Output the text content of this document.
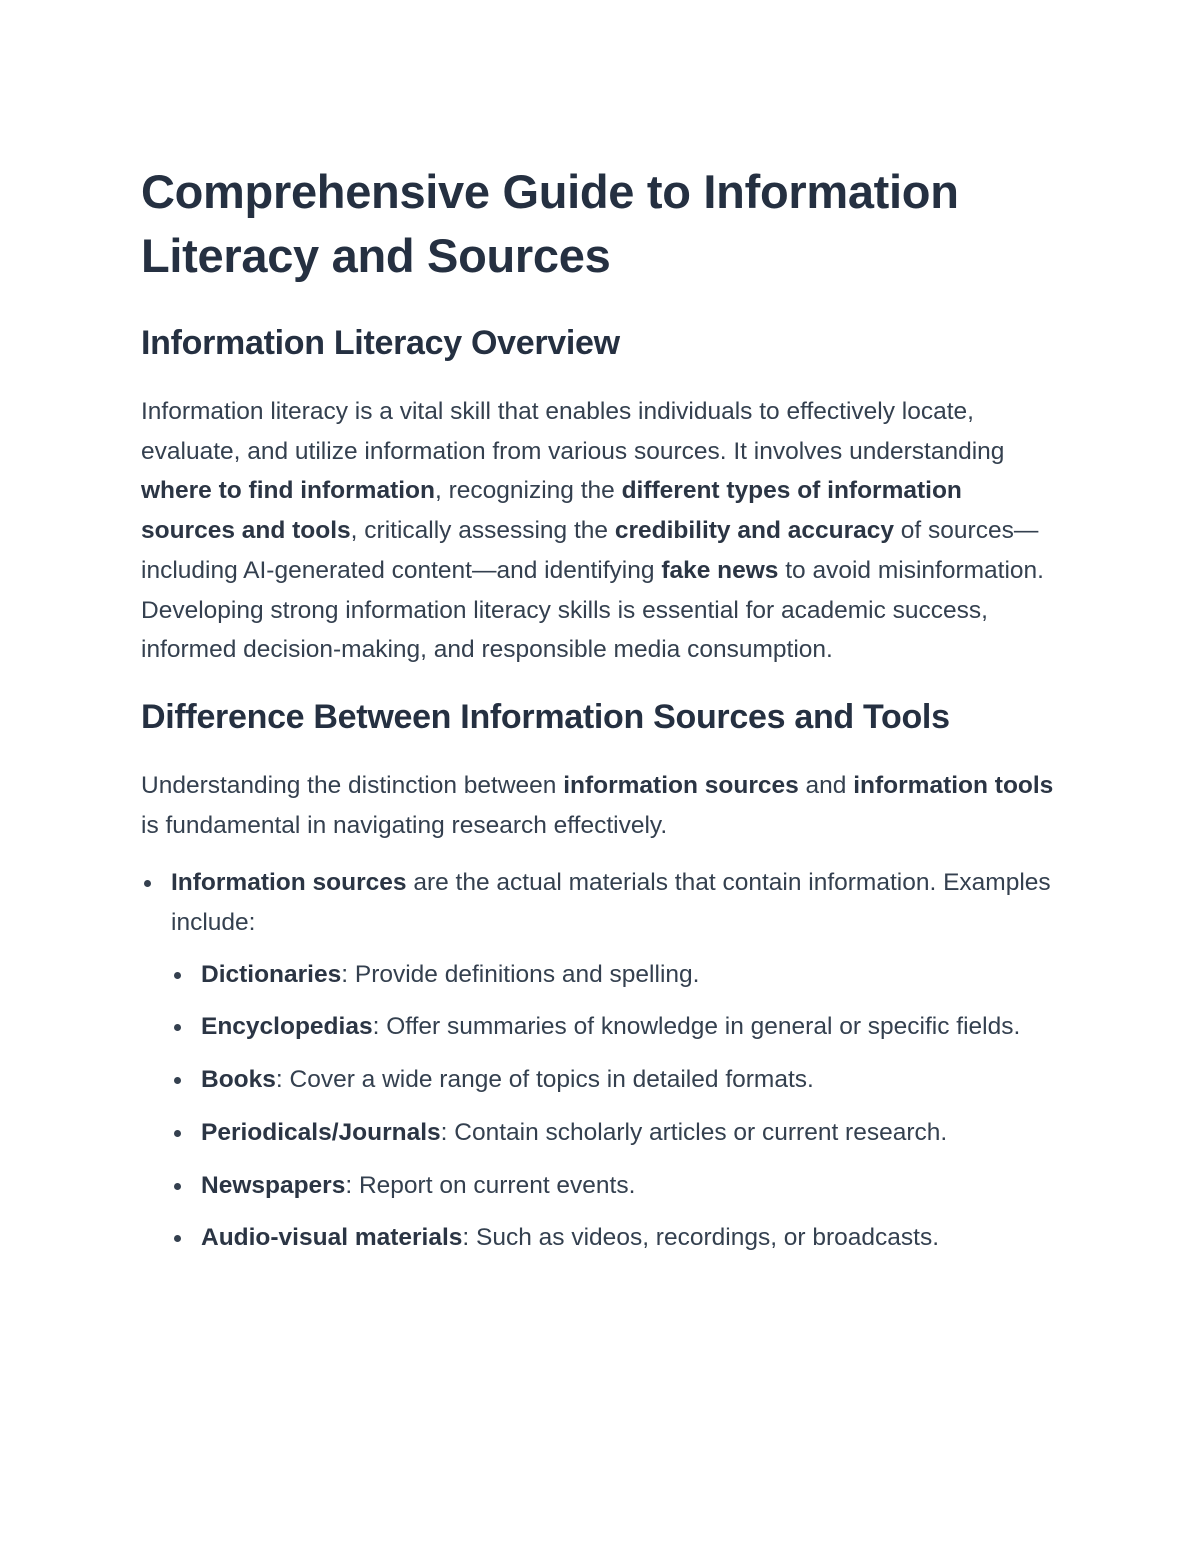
Comprehensive Guide to Information Literacy and Sources
Information Literacy Overview

Information literacy is a vital skill that enables individuals to effectively locate, evaluate, and utilize information from various sources. It involves understanding where to find information, recognizing the different types of information sources and tools, critically assessing the credibility and accuracy of sources—including AI-generated content—and identifying fake news to avoid misinformation. Developing strong information literacy skills is essential for academic success, informed decision-making, and responsible media consumption.

Difference Between Information Sources and Tools

Understanding the distinction between information sources and information tools is fundamental in navigating research effectively.

Information sources are the actual materials that contain information. Examples include:
Dictionaries: Provide definitions and spelling.
Encyclopedias: Offer summaries of knowledge in general or specific fields.
Books: Cover a wide range of topics in detailed formats.
Periodicals/Journals: Contain scholarly articles or current research.
Newspapers: Report on current events.
Audio-visual materials: Such as videos, recordings, or broadcasts.
